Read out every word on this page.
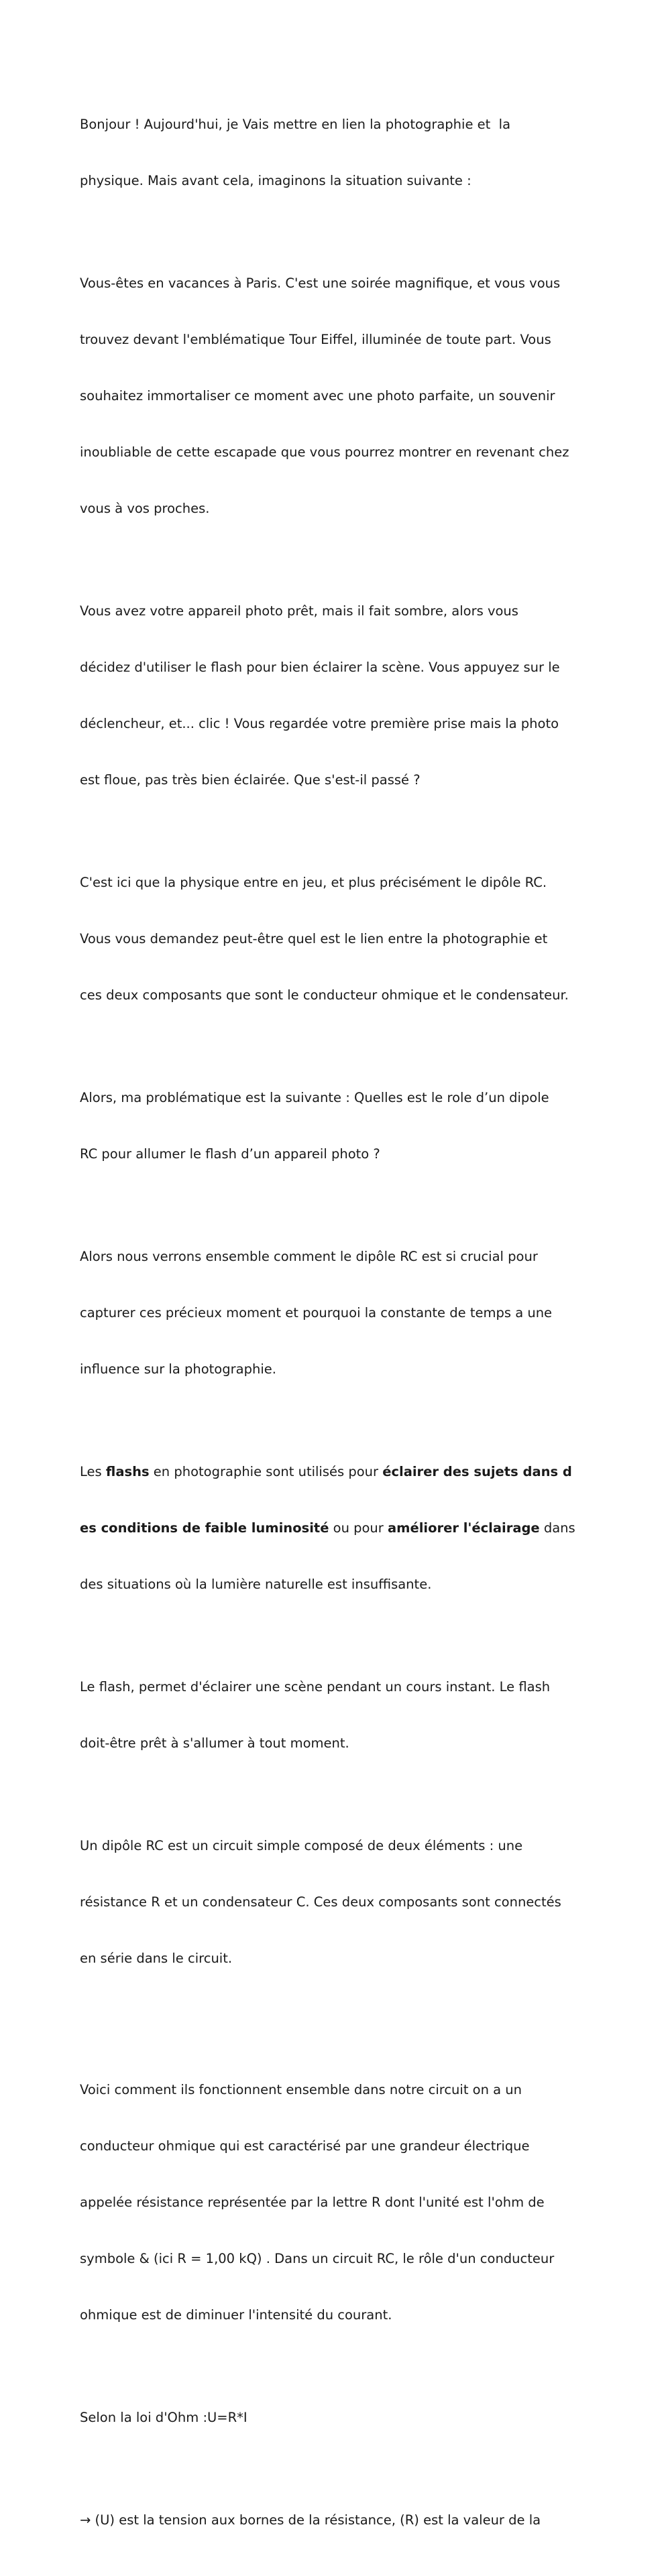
Bonjour ! Aujourd'hui, je Vais mettre en lien la photographie et  la

physique. Mais avant cela, imaginons la situation suivante :

Vous-êtes en vacances à Paris. C'est une soirée magnifique, et vous vous

trouvez devant l'emblématique Tour Eiffel, illuminée de toute part. Vous

souhaitez immortaliser ce moment avec une photo parfaite, un souvenir

inoubliable de cette escapade que vous pourrez montrer en revenant chez

vous à vos proches.

Vous avez votre appareil photo prêt, mais il fait sombre, alors vous

décidez d'utiliser le flash pour bien éclairer la scène. Vous appuyez sur le

déclencheur, et... clic ! Vous regardée votre première prise mais la photo

est floue, pas très bien éclairée. Que s'est-il passé ?

C'est ici que la physique entre en jeu, et plus précisément le dipôle RC.

Vous vous demandez peut-être quel est le lien entre la photographie et

ces deux composants que sont le conducteur ohmique et le condensateur.

Alors, ma problématique est la suivante : Quelles est le role d’un dipole

RC pour allumer le flash d’un appareil photo ?

Alors nous verrons ensemble comment le dipôle RC est si crucial pour

capturer ces précieux moment et pourquoi la constante de temps a une

influence sur la photographie.

Les flashs en photographie sont utilisés pour éclairer des sujets dans d

es conditions de faible luminosité ou pour améliorer l'éclairage dans

des situations où la lumière naturelle est insuffisante.

Le flash, permet d'éclairer une scène pendant un cours instant. Le flash

doit-être prêt à s'allumer à tout moment.

Un dipôle RC est un circuit simple composé de deux éléments : une

résistance R et un condensateur C. Ces deux composants sont connectés

en série dans le circuit.

Voici comment ils fonctionnent ensemble dans notre circuit on a un

conducteur ohmique qui est caractérisé par une grandeur électrique

appelée résistance représentée par la lettre R dont l'unité est l'ohm de

symbole & (ici R = 1,00 kQ) . Dans un circuit RC, le rôle d'un conducteur

ohmique est de diminuer l'intensité du courant.

Selon la loi d'Ohm :U=R*I

→ (U) est la tension aux bornes de la résistance, (R) est la valeur de la
